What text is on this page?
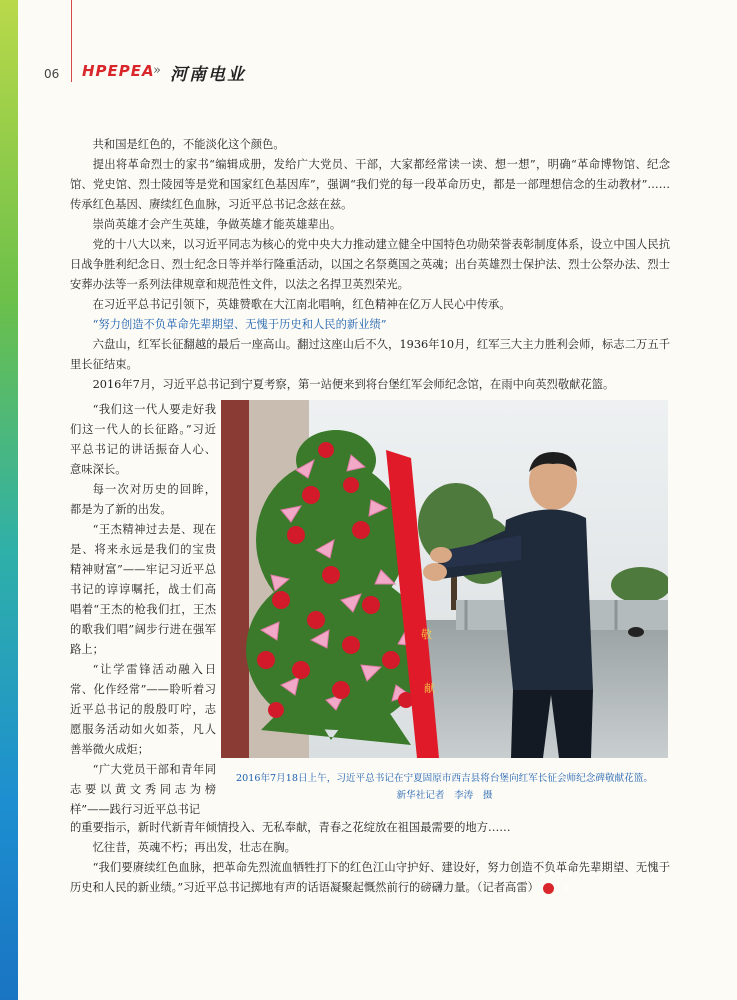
06 HPEPEA
» 河南电业

共和国是红色的，不能淡化这个颜色。

提出将革命烈士的家书“编辑成册，发给广大党员、干部，大家都经常读一读、想一想”，明确“革命博物馆、纪念馆、党史馆、烈士陵园等是党和国家红色基因库”，强调“我们党的每一段革命历史，都是一部理想信念的生动教材”……传承红色基因、赓续红色血脉，习近平总书记念兹在兹。

崇尚英雄才会产生英雄，争做英雄才能英雄辈出。

党的十八大以来，以习近平同志为核心的党中央大力推动建立健全中国特色功勋荣誉表彰制度体系，设立中国人民抗日战争胜利纪念日、烈士纪念日等并举行隆重活动，以国之名祭奠国之英魂；出台英雄烈士保护法、烈士公祭办法、烈士安葬办法等一系列法律规章和规范性文件，以法之名捍卫英烈荣光。

在习近平总书记引领下，英雄赞歌在大江南北唱响，红色精神在亿万人民心中传承。

“努力创造不负革命先辈期望、无愧于历史和人民的新业绩”

六盘山，红军长征翻越的最后一座高山。翻过这座山后不久，1936年10月，红军三大主力胜利会师，标志二万五千里长征结束。

2016年7月，习近平总书记到宁夏考察，第一站便来到将台堡红军会师纪念馆，在雨中向英烈敬献花篮。

“我们这一代人要走好我们这一代人的长征路。”习近平总书记的讲话振奋人心、意味深长。

每一次对历史的回眸，都是为了新的出发。

“王杰精神过去是、现在是、将来永远是我们的宝贵精神财富”——牢记习近平总书记的谆谆嘱托，战士们高唱着“王杰的枪我们扛，王杰的歌我们唱”阔步行进在强军路上；

“让学雷锋活动融入日常、化作经常”——聆听着习近平总书记的殷殷叮咛，志愿服务活动如火如荼，凡人善举微火成炬；

“广大党员干部和青年同志要以黄文秀同志为榜样”——践行习近平总书记

敬
献
2016年7月18日上午，习近平总书记在宁夏固原市西吉县将台堡向红军长征会师纪念碑敬献花篮。
新华社记者　李涛　摄

的重要指示，新时代新青年倾情投入、无私奉献，青春之花绽放在祖国最需要的地方……

忆往昔，英魂不朽；再出发，壮志在胸。

“我们要赓续红色血脉，把革命先烈流血牺牲打下的红色江山守护好、建设好，努力创造不负革命先辈期望、无愧于历史和人民的新业绩。”习近平总书记掷地有声的话语凝聚起慨然前行的磅礴力量。（记者高雷）	E
